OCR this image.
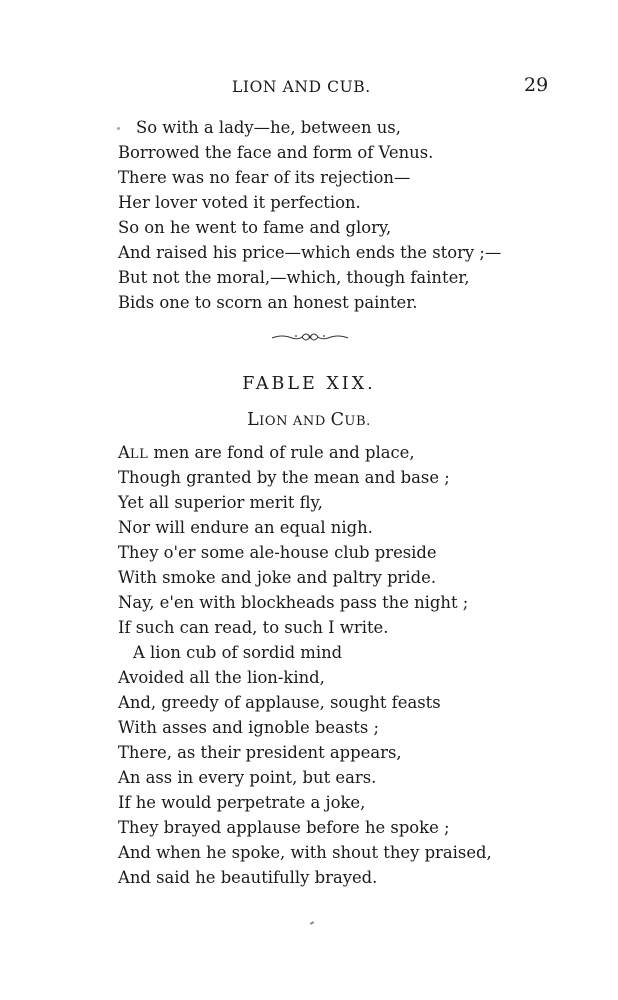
LION AND CUB.	29
So with a lady—he, between us,
Borrowed the face and form of Venus.
There was no fear of its rejection—
Her lover voted it perfection.
So on he went to fame and glory,
And raised his price—which ends the story ;—
But not the moral,—which, though fainter,
Bids one to scorn an honest painter.
FABLE XIX.
LION AND CUB.
ALL men are fond of rule and place,
Though granted by the mean and base ;
Yet all superior merit fly,
Nor will endure an equal nigh.
They o'er some ale-house club preside
With smoke and joke and paltry pride.
Nay, e'en with blockheads pass the night ;
If such can read, to such I write.
A lion cub of sordid mind
Avoided all the lion-kind,
And, greedy of applause, sought feasts
With asses and ignoble beasts ;
There, as their president appears,
An ass in every point, but ears.
If he would perpetrate a joke,
They brayed applause before he spoke ;
And when he spoke, with shout they praised,
And said he beautifully brayed.
